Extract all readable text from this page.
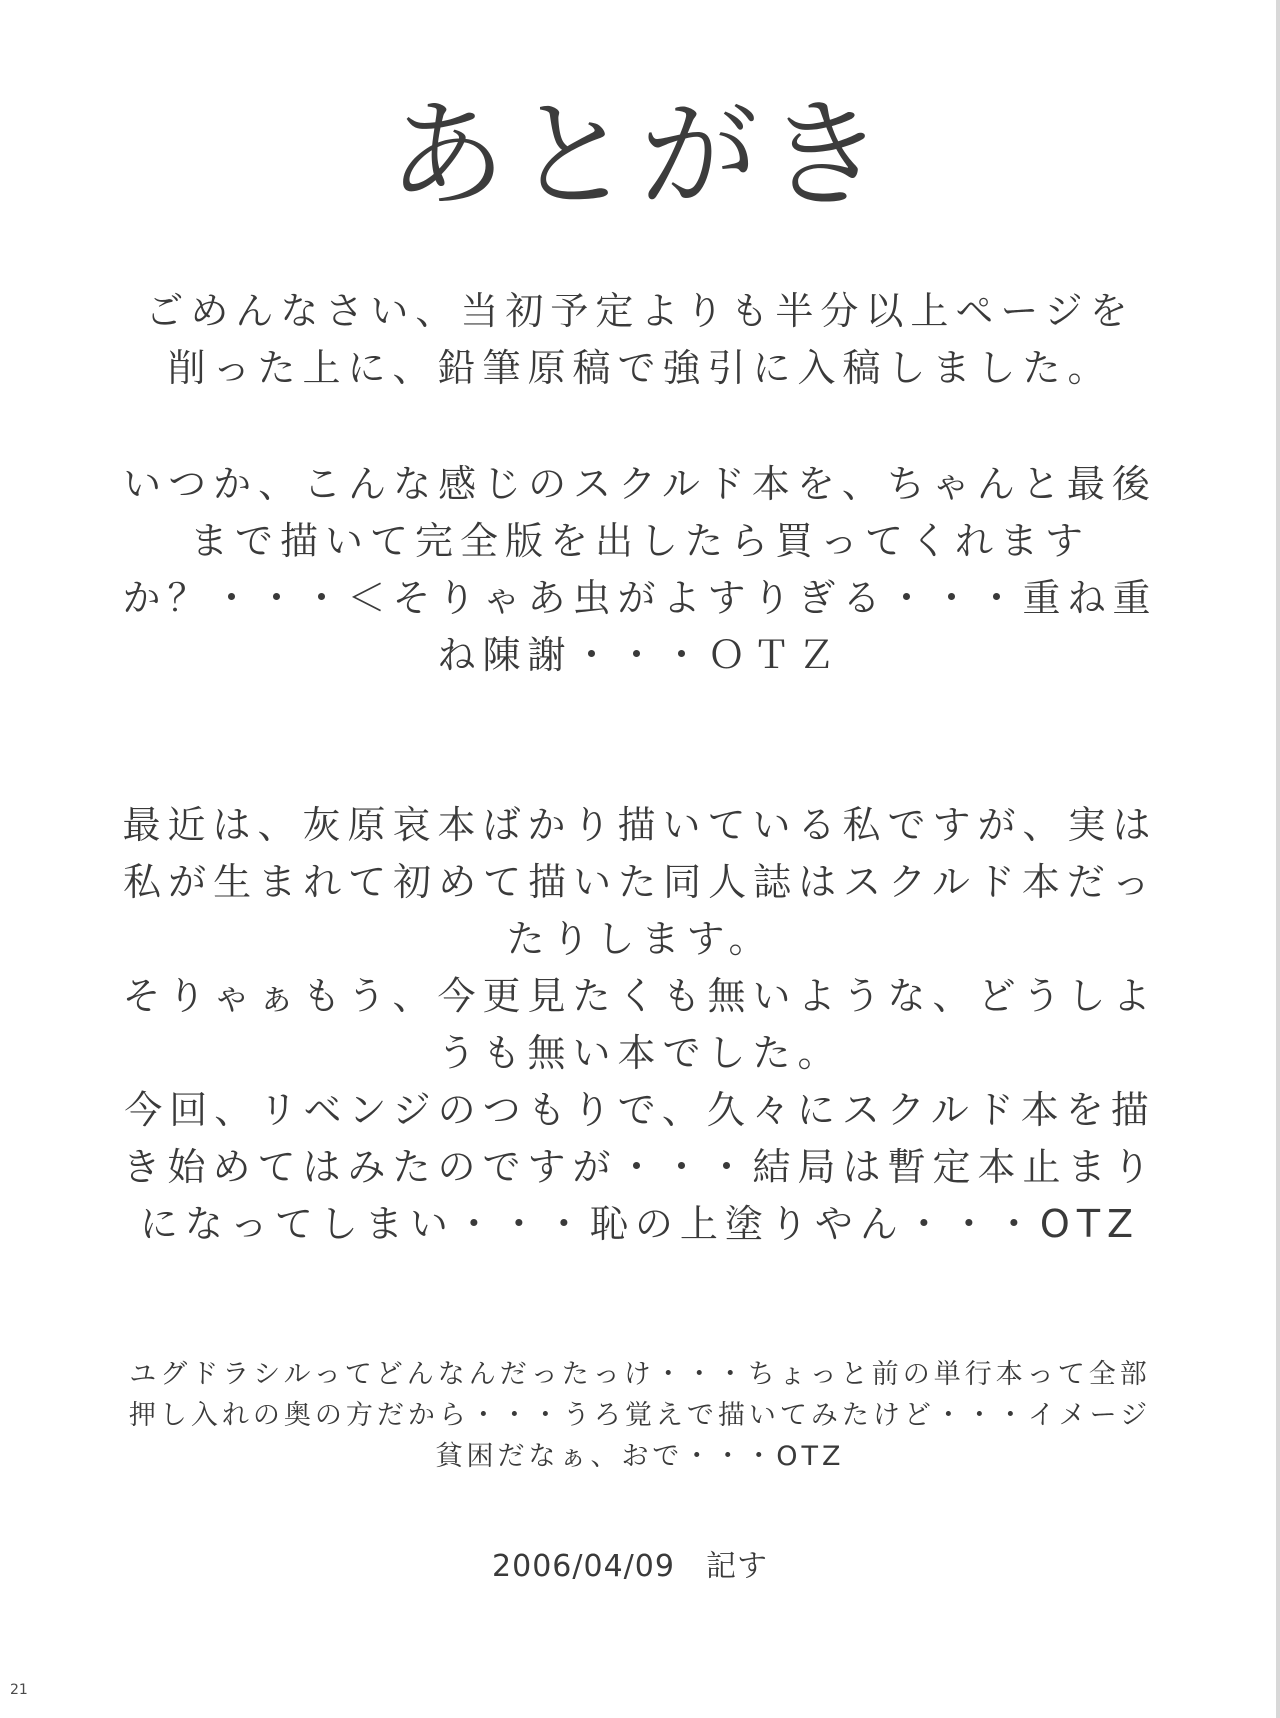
あとがき
ごめんなさい、当初予定よりも半分以上ページを
削った上に、鉛筆原稿で強引に入稿しました。
いつか、こんな感じのスクルド本を、ちゃんと最後
まで描いて完全版を出したら買ってくれます
か？・・・＜そりゃあ虫がよすりぎる・・・重ね重
ね陳謝・・・ＯＴＺ
最近は、灰原哀本ばかり描いている私ですが、実は
私が生まれて初めて描いた同人誌はスクルド本だっ
たりします。
そりゃぁもう、今更見たくも無いような、どうしよ
うも無い本でした。
今回、リベンジのつもりで、久々にスクルド本を描
き始めてはみたのですが・・・結局は暫定本止まり
になってしまい・・・恥の上塗りやん・・・OTZ
ユグドラシルってどんなんだったっけ・・・ちょっと前の単行本って全部
押し入れの奥の方だから・・・うろ覚えで描いてみたけど・・・イメージ
貧困だなぁ、おで・・・OTZ
2006/04/09　記す
21
